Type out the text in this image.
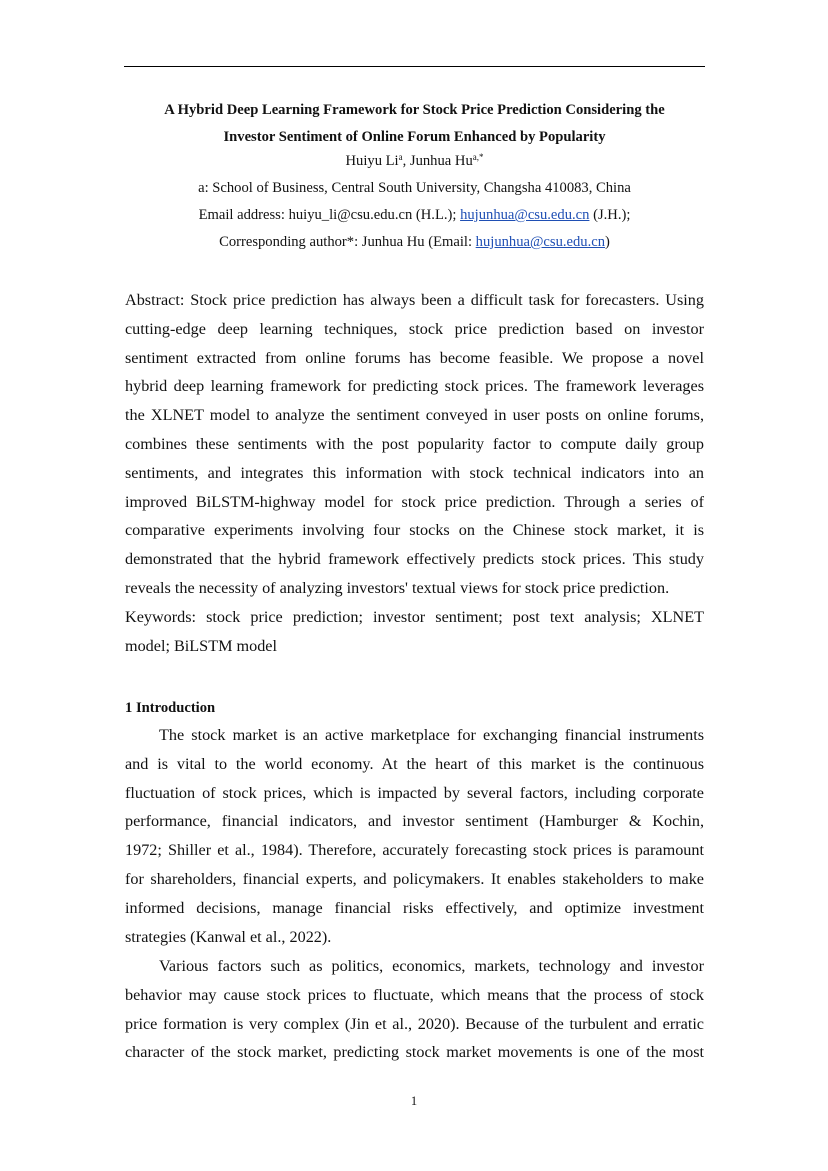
A Hybrid Deep Learning Framework for Stock Price Prediction Considering the
Investor Sentiment of Online Forum Enhanced by Popularity
Huiyu Li$^a$, Junhua $Hu^{a,*}$
a: School of Business, Central South University, Changsha 410083, China
Email address: huiyu_li@csu.edu.cn (H.L.); hujunhua@csu.edu.cn (J.H.);
Corresponding author*: Junhua Hu (Email: hujunhua@csu.edu.cn)
Abstract: Stock price prediction has always been a difficult task for forecasters. Using
cutting-edge deep learning techniques, stock price prediction based on investor
sentiment extracted from online forums has become feasible. We propose a novel
hybrid deep learning framework for predicting stock prices. The framework leverages
the XLNET model to analyze the sentiment conveyed in user posts on online forums,
combines these sentiments with the post popularity factor to compute daily group
sentiments, and integrates this information with stock technical indicators into an
improved BiLSTM-highway model for stock price prediction. Through a series of
comparative experiments involving four stocks on the Chinese stock market, it is
demonstrated that the hybrid framework effectively predicts stock prices. This study
reveals the necessity of analyzing investors' textual views for stock price prediction.
Keywords: stock price prediction; investor sentiment; post text analysis; XLNET
model; BiLSTM model
1 Introduction
The stock market is an active marketplace for exchanging financial instruments
and is vital to the world economy. At the heart of this market is the continuous
fluctuation of stock prices, which is impacted by several factors, including corporate
performance, financial indicators, and investor sentiment (Hamburger & Kochin,
1972; Shiller et al., 1984). Therefore, accurately forecasting stock prices is paramount
for shareholders, financial experts, and policymakers. It enables stakeholders to make
informed decisions, manage financial risks effectively, and optimize investment
strategies (Kanwal et al., 2022).
Various factors such as politics, economics, markets, technology and investor
behavior may cause stock prices to fluctuate, which means that the process of stock
price formation is very complex (Jin et al., 2020). Because of the turbulent and erratic
character of the stock market, predicting stock market movements is one of the most
1
